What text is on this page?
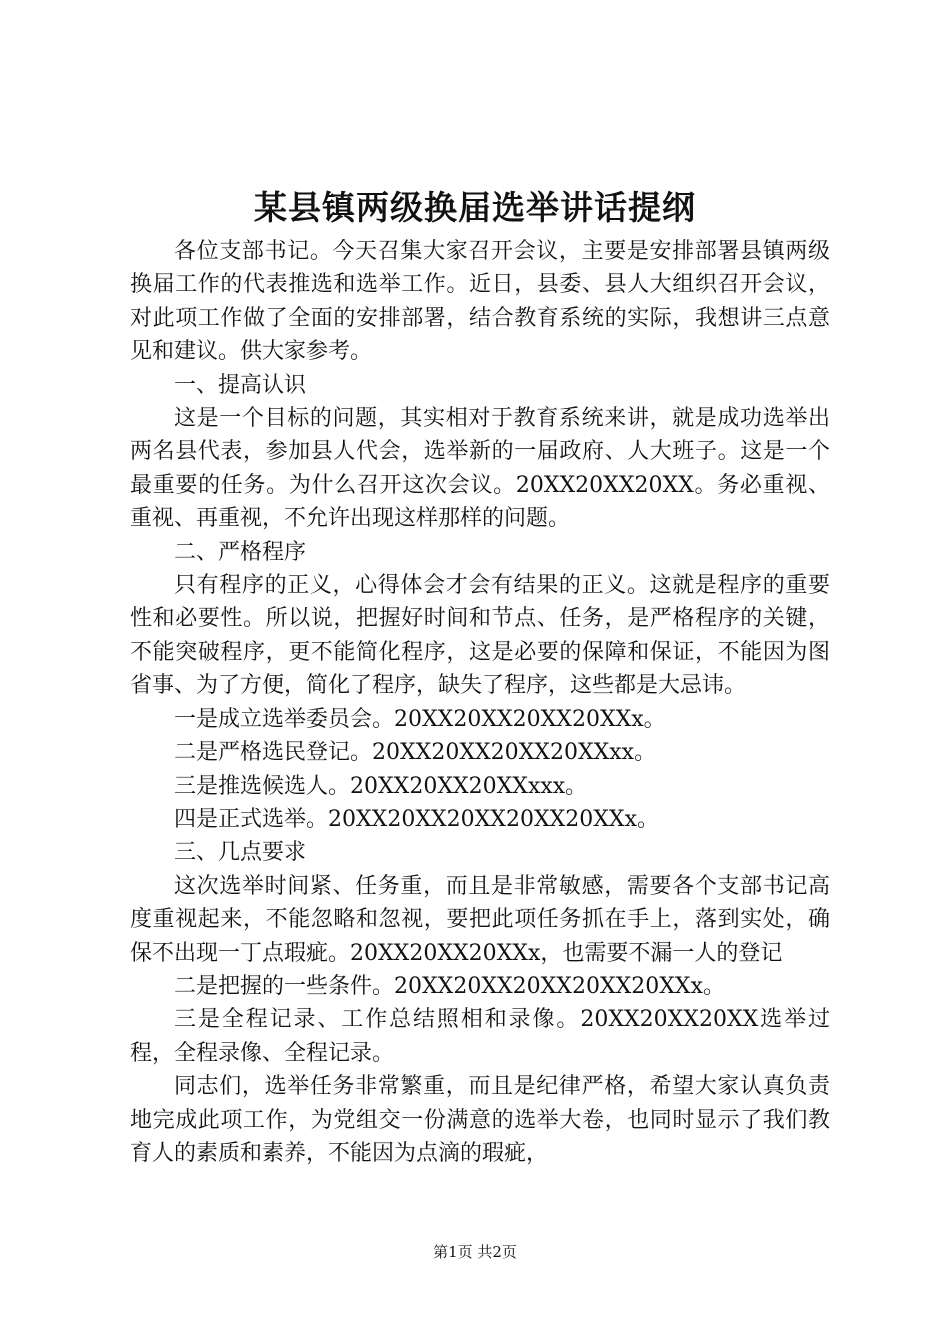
某县镇两级换届选举讲话提纲

各位支部书记。今天召集大家召开会议，主要是安排部署县镇两级换届工作的代表推选和选举工作。近日，县委、县人大组织召开会议，对此项工作做了全面的安排部署，结合教育系统的实际，我想讲三点意见和建议。供大家参考。

一、提高认识

这是一个目标的问题，其实相对于教育系统来讲，就是成功选举出两名县代表，参加县人代会，选举新的一届政府、人大班子。这是一个最重要的任务。为什么召开这次会议。20XX20XX20XX。务必重视、重视、再重视，不允许出现这样那样的问题。

二、严格程序

只有程序的正义，心得体会才会有结果的正义。这就是程序的重要性和必要性。所以说，把握好时间和节点、任务，是严格程序的关键，不能突破程序，更不能简化程序，这是必要的保障和保证，不能因为图省事、为了方便，简化了程序，缺失了程序，这些都是大忌讳。

一是成立选举委员会。20XX20XX20XX20XXx。

二是严格选民登记。20XX20XX20XX20XXxx。

三是推选候选人。20XX20XX20XXxxx。

四是正式选举。20XX20XX20XX20XX20XXx。

三、几点要求

这次选举时间紧、任务重，而且是非常敏感，需要各个支部书记高度重视起来，不能忽略和忽视，要把此项任务抓在手上，落到实处，确保不出现一丁点瑕疵。20XX20XX20XXx，也需要不漏一人的登记

二是把握的一些条件。20XX20XX20XX20XX20XXx。

三是全程记录、工作总结照相和录像。20XX20XX20XX选举过程，全程录像、全程记录。

同志们，选举任务非常繁重，而且是纪律严格，希望大家认真负责地完成此项工作，为党组交一份满意的选举大卷，也同时显示了我们教育人的素质和素养，不能因为点滴的瑕疵，

第1页 共2页
